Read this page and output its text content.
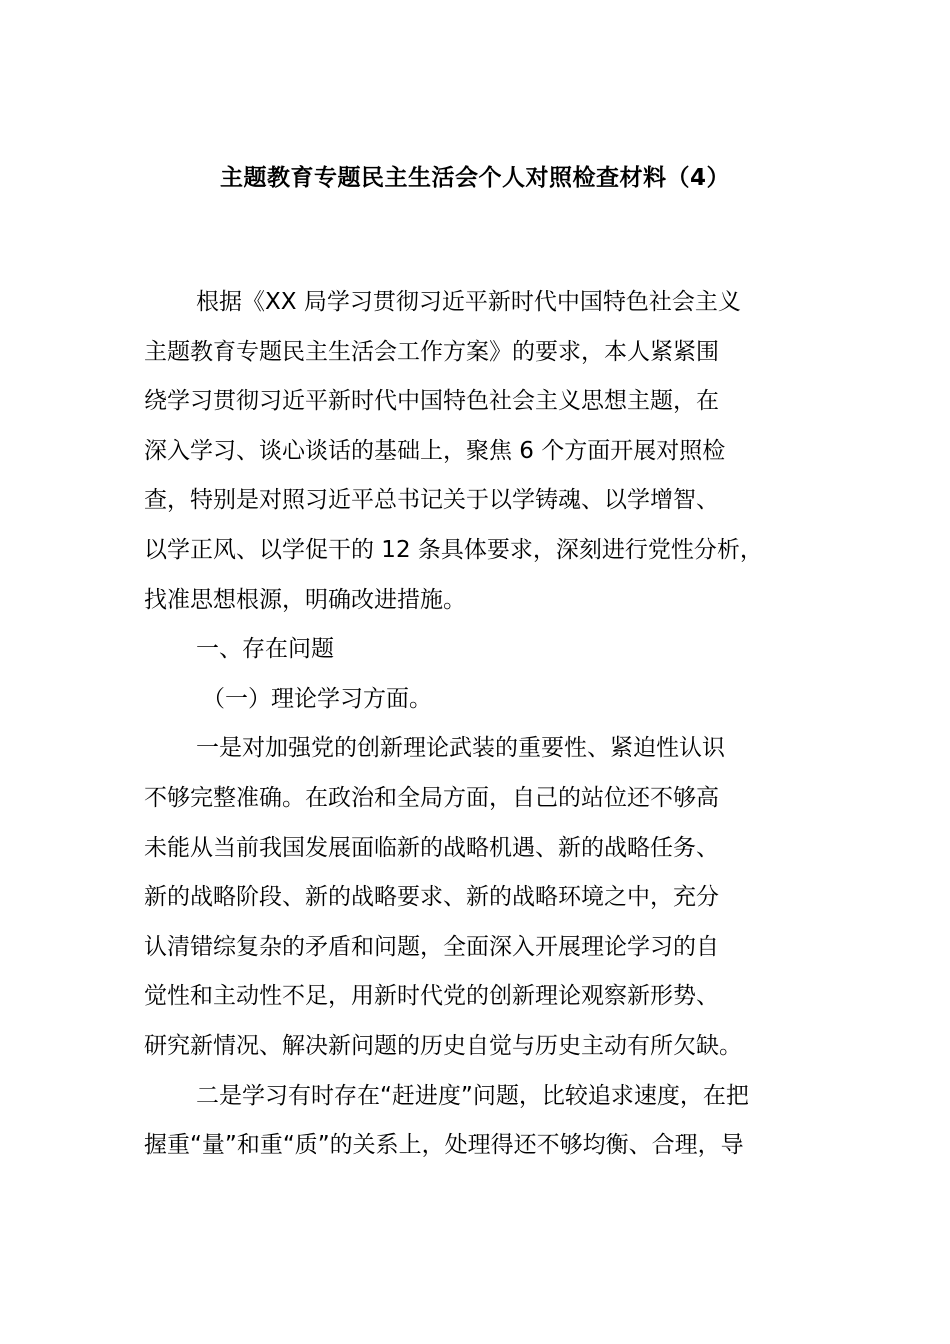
主题教育专题民主生活会个人对照检查材料（4）
根据《XX 局学习贯彻习近平新时代中国特色社会主义
主题教育专题民主生活会工作方案》的要求，本人紧紧围
绕学习贯彻习近平新时代中国特色社会主义思想主题，在
深入学习、谈心谈话的基础上，聚焦 6 个方面开展对照检
查，特别是对照习近平总书记关于以学铸魂、以学增智、
以学正风、以学促干的 12 条具体要求，深刻进行党性分析，
找准思想根源，明确改进措施。
一、存在问题
（一）理论学习方面。
一是对加强党的创新理论武装的重要性、紧迫性认识
不够完整准确。在政治和全局方面，自己的站位还不够高
未能从当前我国发展面临新的战略机遇、新的战略任务、
新的战略阶段、新的战略要求、新的战略环境之中，充分
认清错综复杂的矛盾和问题，全面深入开展理论学习的自
觉性和主动性不足，用新时代党的创新理论观察新形势、
研究新情况、解决新问题的历史自觉与历史主动有所欠缺。
二是学习有时存在“赶进度”问题，比较追求速度，在把
握重“量”和重“质”的关系上，处理得还不够均衡、合理，导
